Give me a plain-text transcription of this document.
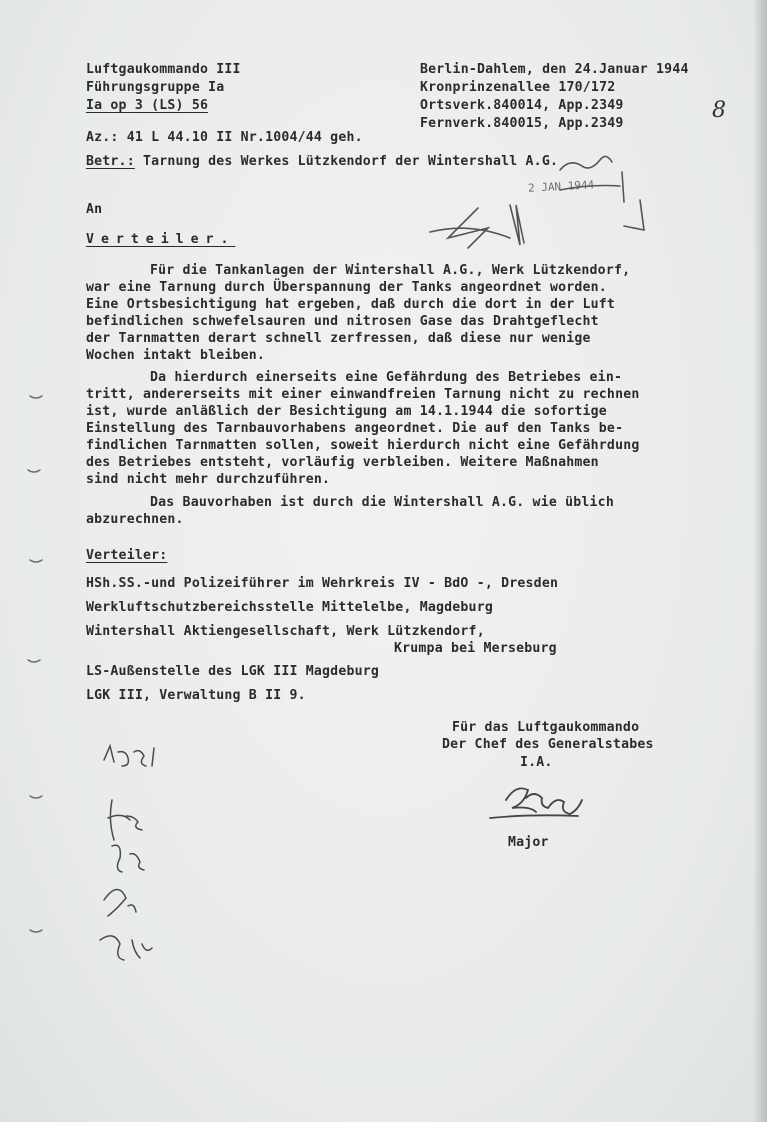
Luftgaukommando III
Führungsgruppe Ia
Ia op 3 (LS) 56
Berlin-Dahlem, den 24.Januar 1944
Kronprinzenallee 170/172
Ortsverk.840014, App.2349
Fernverk.840015, App.2349
8
Az.: 41 L 44.10 II Nr.1004/44 geh.
Betr.: Tarnung des Werkes Lützkendorf der Wintershall A.G.
2 JAN 1944
An
Verteiler.
Für die Tankanlagen der Wintershall A.G., Werk Lützkendorf,
war eine Tarnung durch Überspannung der Tanks angeordnet worden.
Eine Ortsbesichtigung hat ergeben, daß durch die dort in der Luft
befindlichen schwefelsauren und nitrosen Gase das Drahtgeflecht
der Tarnmatten derart schnell zerfressen, daß diese nur wenige
Wochen intakt bleiben.
Da hierdurch einerseits eine Gefährdung des Betriebes ein-
tritt, andererseits mit einer einwandfreien Tarnung nicht zu rechnen
ist, wurde anläßlich der Besichtigung am 14.1.1944 die sofortige
Einstellung des Tarnbauvorhabens angeordnet. Die auf den Tanks be-
findlichen Tarnmatten sollen, soweit hierdurch nicht eine Gefährdung
des Betriebes entsteht, vorläufig verbleiben. Weitere Maßnahmen
sind nicht mehr durchzuführen.
Das Bauvorhaben ist durch die Wintershall A.G. wie üblich
abzurechnen.
Verteiler:
HSh.SS.-und Polizeiführer im Wehrkreis IV - BdO -, Dresden
Werkluftschutzbereichsstelle Mittelelbe, Magdeburg
Wintershall Aktiengesellschaft, Werk Lützkendorf,
Krumpa bei Merseburg
LS-Außenstelle des LGK III Magdeburg
LGK III, Verwaltung B II 9.
Für das Luftgaukommando
Der Chef des Generalstabes
I.A.
Major
